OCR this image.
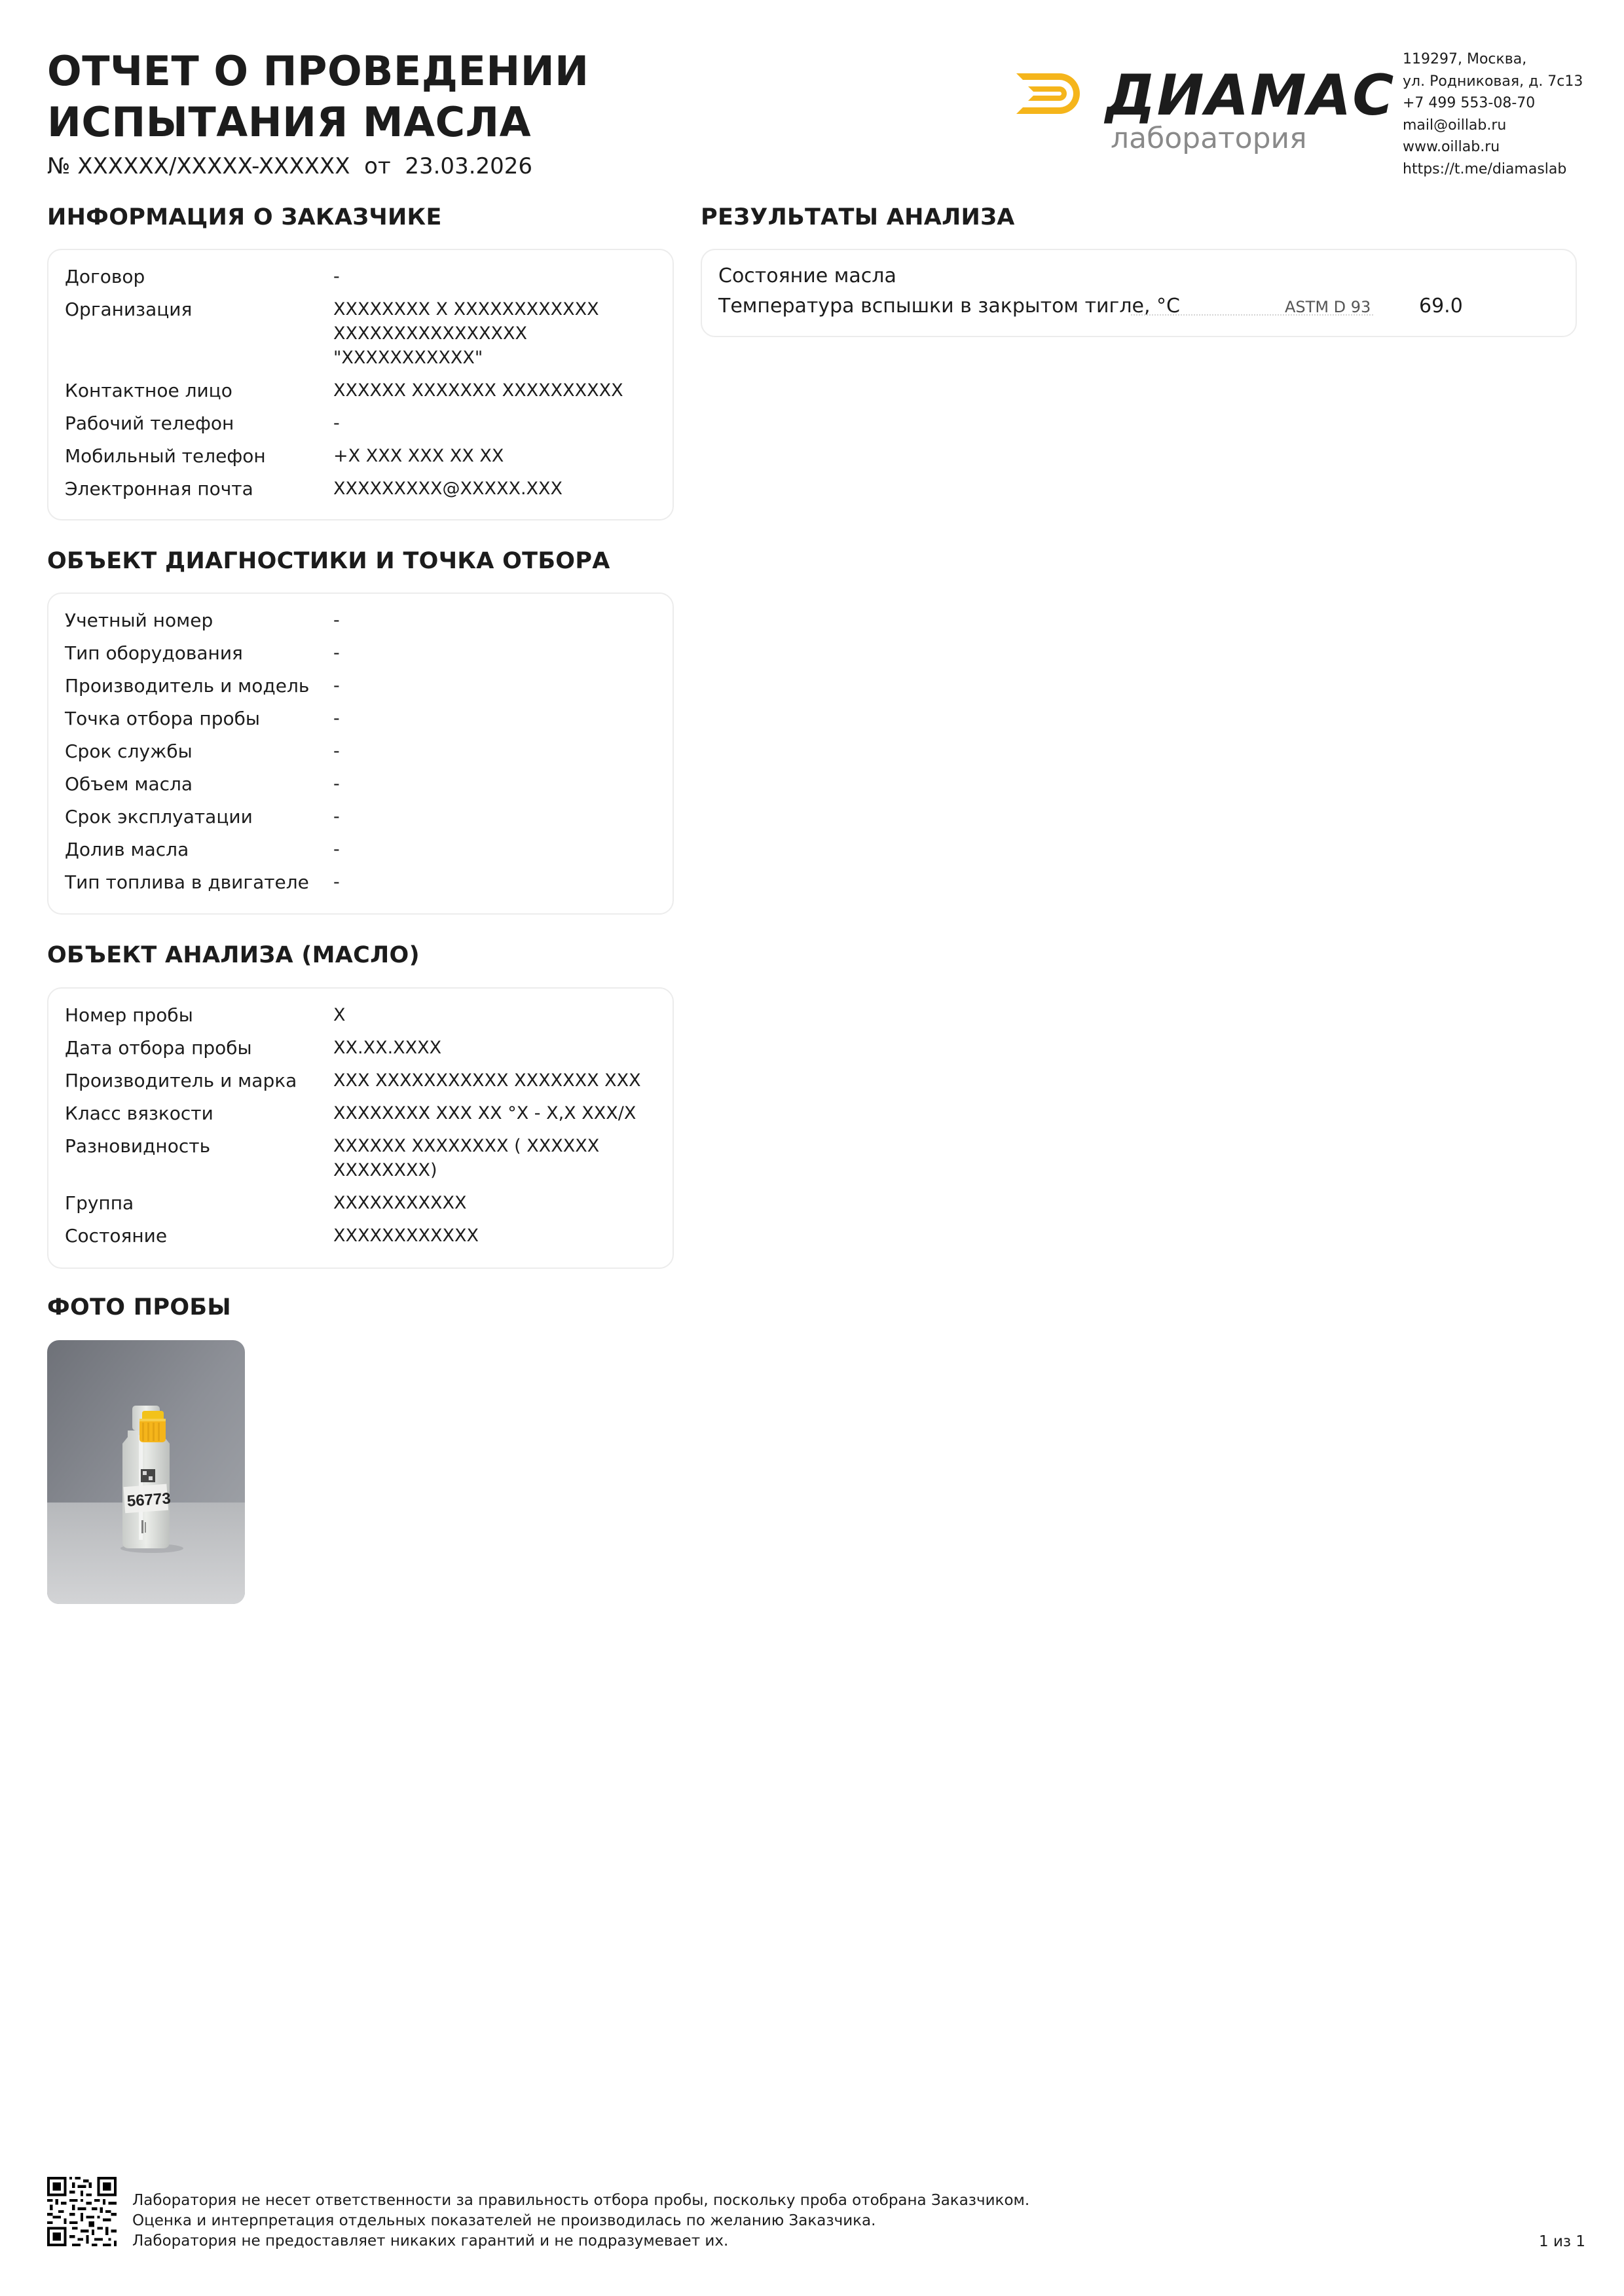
ОТЧЕТ О ПРОВЕДЕНИИ
ИСПЫТАНИЯ МАСЛА
№ XXXXXX/XXXXX-XXXXXX от 23.03.2026
ДИАМАС
лаборатория
119297, Москва,
ул. Родниковая, д. 7с13
+7 499 553-08-70
mail@oillab.ru
www.oillab.ru
https://t.me/diamaslab
ИНФОРМАЦИЯ О ЗАКАЗЧИКЕ
Договор	-
Организация	XXXXXXXX X XXXXXXXXXXXX
XXXXXXXXXXXXXXXX
"XXXXXXXXXXX"
Контактное лицо	XXXXXX XXXXXXX XXXXXXXXXX
Рабочий телефон	-
Мобильный телефон	+X XXX XXX XX XX
Электронная почта	XXXXXXXXX@XXXXX.XXX
ОБЪЕКТ ДИАГНОСТИКИ И ТОЧКА ОТБОРА
Учетный номер	-
Тип оборудования	-
Производитель и модель	-
Точка отбора пробы	-
Срок службы	-
Объем масла	-
Срок эксплуатации	-
Долив масла	-
Тип топлива в двигателе	-
ОБЪЕКТ АНАЛИЗА (МАСЛО)
Номер пробы	X
Дата отбора пробы	XX.XX.XXXX
Производитель и марка	XXX XXXXXXXXXXX XXXXXXX XXX
Класс вязкости	XXXXXXXX XXX XX °X - X,X XXX/X
Разновидность	XXXXXX XXXXXXXX ( XXXXXX
XXXXXXXX)
Группа	XXXXXXXXXXX
Состояние	XXXXXXXXXXXX
РЕЗУЛЬТАТЫ АНАЛИЗА
Состояние масла
Температура вспышки в закрытом тигле, °C	ASTM D 93 69.0
ФОТО ПРОБЫ
56773
Лаборатория не несет ответственности за правильность отбора пробы, поскольку проба отобрана Заказчиком.
Оценка и интерпретация отдельных показателей не производилась по желанию Заказчика.
Лаборатория не предоставляет никаких гарантий и не подразумевает их.	1 из 1
